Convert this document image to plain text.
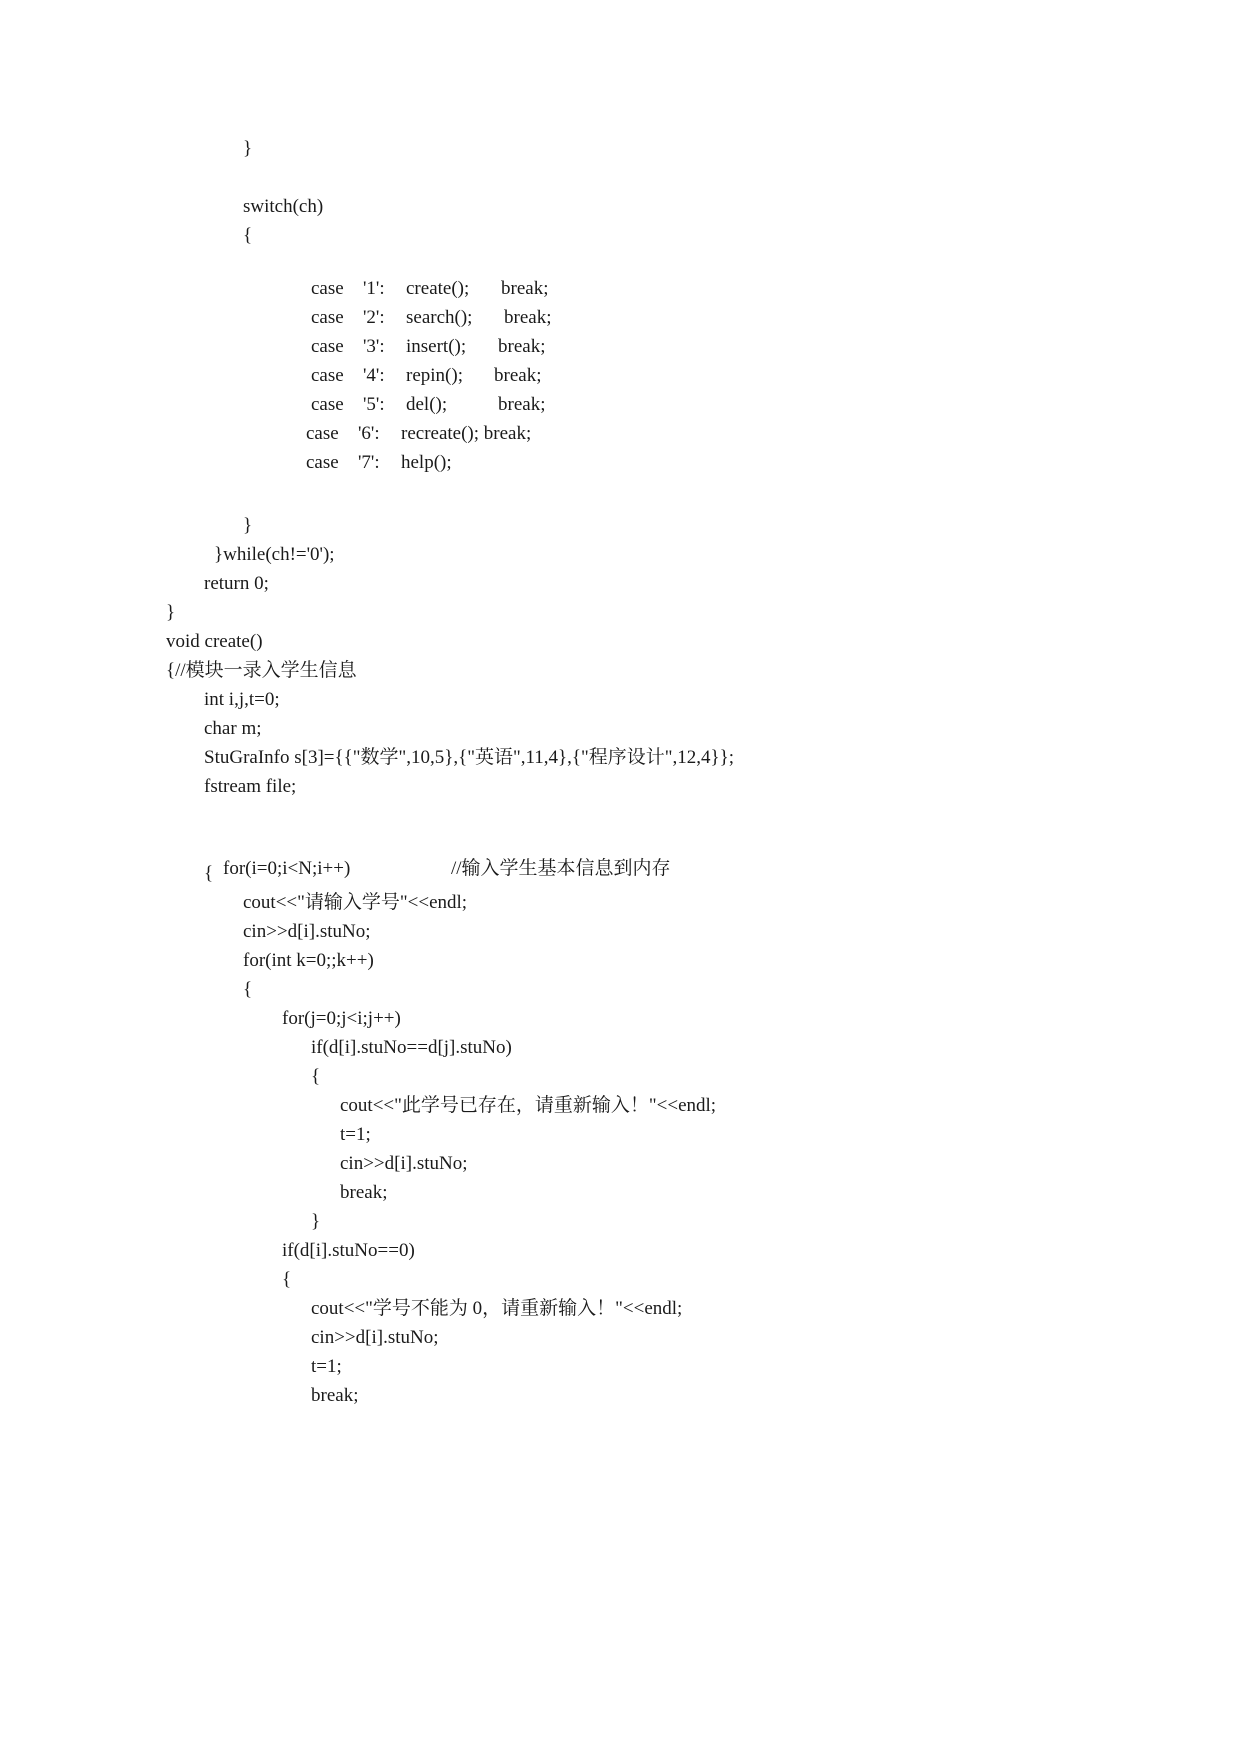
}
switch(ch)
{

case '1': create(); break;

case '2': search(); break;

case '3': insert(); break;

case '4': repin(); break;

case '5': del();	break;

case '6': recreate(); break;

case '7': help();

}
}while(ch!='0');
return 0;
}
void create()
{//模块一录入学生信息
int i,j,t=0;
char m;
StuGraInfo s[3]={{"数学",10,5},{"英语",11,4},{"程序设计",12,4}};
fstream file;

for(i=0;i<N;i++)	//输入学生基本信息到内存

{
cout<<"请输入学号"<<endl;
cin>>d[i].stuNo;
for(int k=0;;k++)
{
for(j=0;j<i;j++)
if(d[i].stuNo==d[j].stuNo)
{
cout<<"此学号已存在，请重新输入！"<<endl;
t=1;
cin>>d[i].stuNo;
break;
}
if(d[i].stuNo==0)
{
cout<<"学号不能为 0，请重新输入！"<<endl;
cin>>d[i].stuNo;
t=1;
break;
